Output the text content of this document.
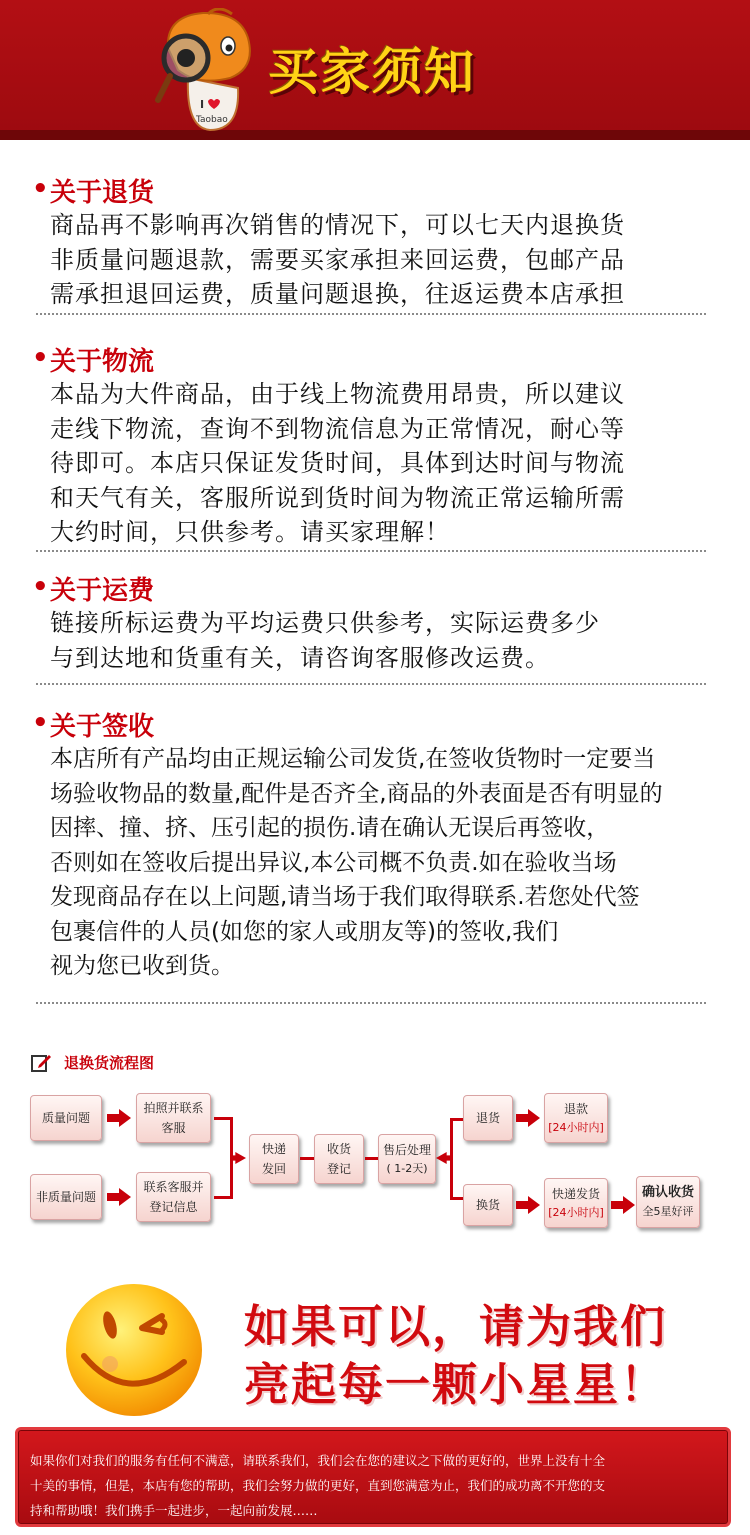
I
Taobao
买家须知
• 关于退货
商品再不影响再次销售的情况下，可以七天内退换货
非质量问题退款，需要买家承担来回运费，包邮产品
需承担退回运费，质量问题退换，往返运费本店承担
• 关于物流
本品为大件商品，由于线上物流费用昂贵，所以建议
走线下物流，查询不到物流信息为正常情况，耐心等
待即可。本店只保证发货时间，具体到达时间与物流
和天气有关，客服所说到货时间为物流正常运输所需
大约时间，只供参考。请买家理解！
• 关于运费
链接所标运费为平均运费只供参考，实际运费多少
与到达地和货重有关，请咨询客服修改运费。
• 关于签收
本店所有产品均由正规运输公司发货,在签收货物时一定要当
场验收物品的数量,配件是否齐全,商品的外表面是否有明显的
因摔、撞、挤、压引起的损伤.请在确认无误后再签收，
否则如在签收后提出异议,本公司概不负责.如在验收当场
发现商品存在以上问题,请当场于我们取得联系.若您处代签
包裹信件的人员(如您的家人或朋友等)的签收,我们
视为您已收到货。
退换货流程图
质量问题
非质量问题
拍照并联系
客服
联系客服并
登记信息
快递
发回
收货
登记
售后处理
( 1-2天)
退货
换货
退款
[24小时内]
快递发货
[24小时内]
确认收货
全5星好评
如果可以，请为我们
亮起每一颗小星星！
如果你们对我们的服务有任何不满意，请联系我们，我们会在您的建议之下做的更好的，世界上没有十全
十美的事情，但是，本店有您的帮助，我们会努力做的更好，直到您满意为止，我们的成功离不开您的支
持和帮助哦！我们携手一起进步，一起向前发展……
